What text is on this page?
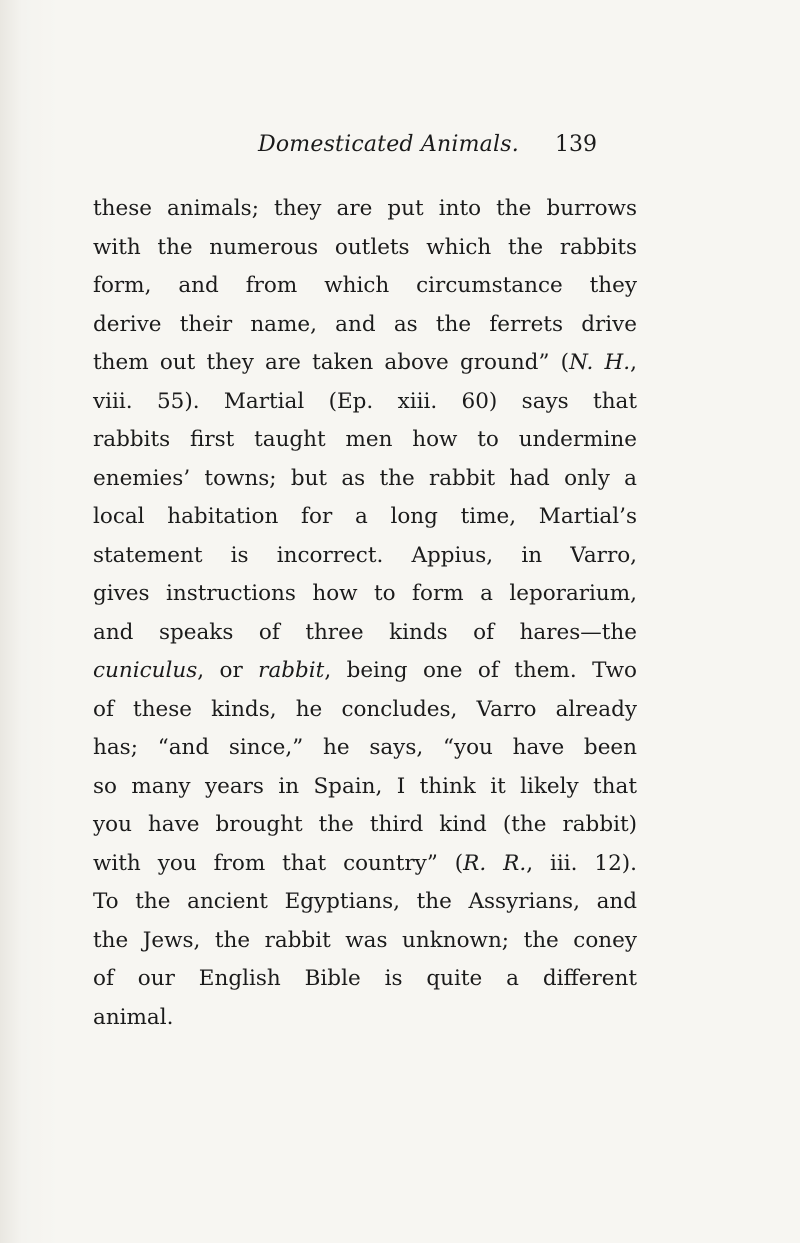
Domesticated Animals. 139
these animals; they are put into the burrows
with the numerous outlets which the rabbits
form, and from which circumstance they
derive their name, and as the ferrets drive
them out they are taken above ground” (N. H.,
viii. 55). Martial (Ep. xiii. 60) says that
rabbits first taught men how to undermine
enemies’ towns; but as the rabbit had only a
local habitation for a long time, Martial’s
statement is incorrect. Appius, in Varro,
gives instructions how to form a leporarium,
and speaks of three kinds of hares—the
cuniculus, or rabbit, being one of them. Two
of these kinds, he concludes, Varro already
has; “and since,” he says, “you have been
so many years in Spain, I think it likely that
you have brought the third kind (the rabbit)
with you from that country” (R. R., iii. 12).
To the ancient Egyptians, the Assyrians, and
the Jews, the rabbit was unknown; the coney
of our English Bible is quite a different
animal.
